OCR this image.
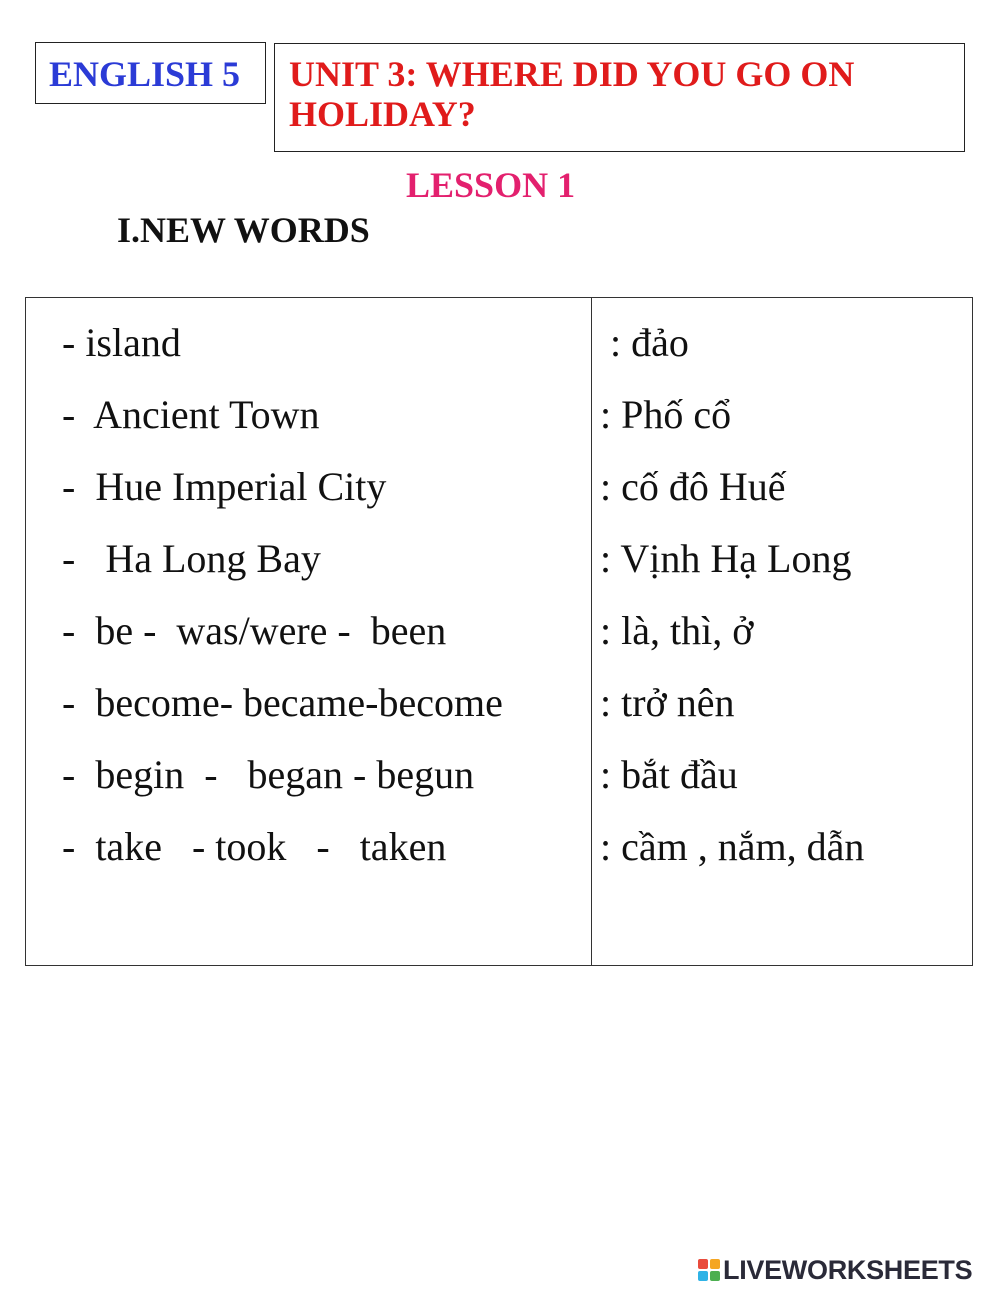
ENGLISH 5 UNIT 3: WHERE DID YOU GO ON HOLIDAY?
LESSON 1
I.NEW WORDS
- island	: đảo
-  Ancient Town	: Phố cổ
-  Hue Imperial City	: cố đô Huế
-   Ha Long Bay	: Vịnh Hạ Long
-  be -  was/were -  been	: là, thì, ở
-  become- became-become : trở nên
-  begin  -   began - begun	: bắt đầu
-  take   - took   -   taken	: cầm , nắm, dẫn
LIVEWORKSHEETS
